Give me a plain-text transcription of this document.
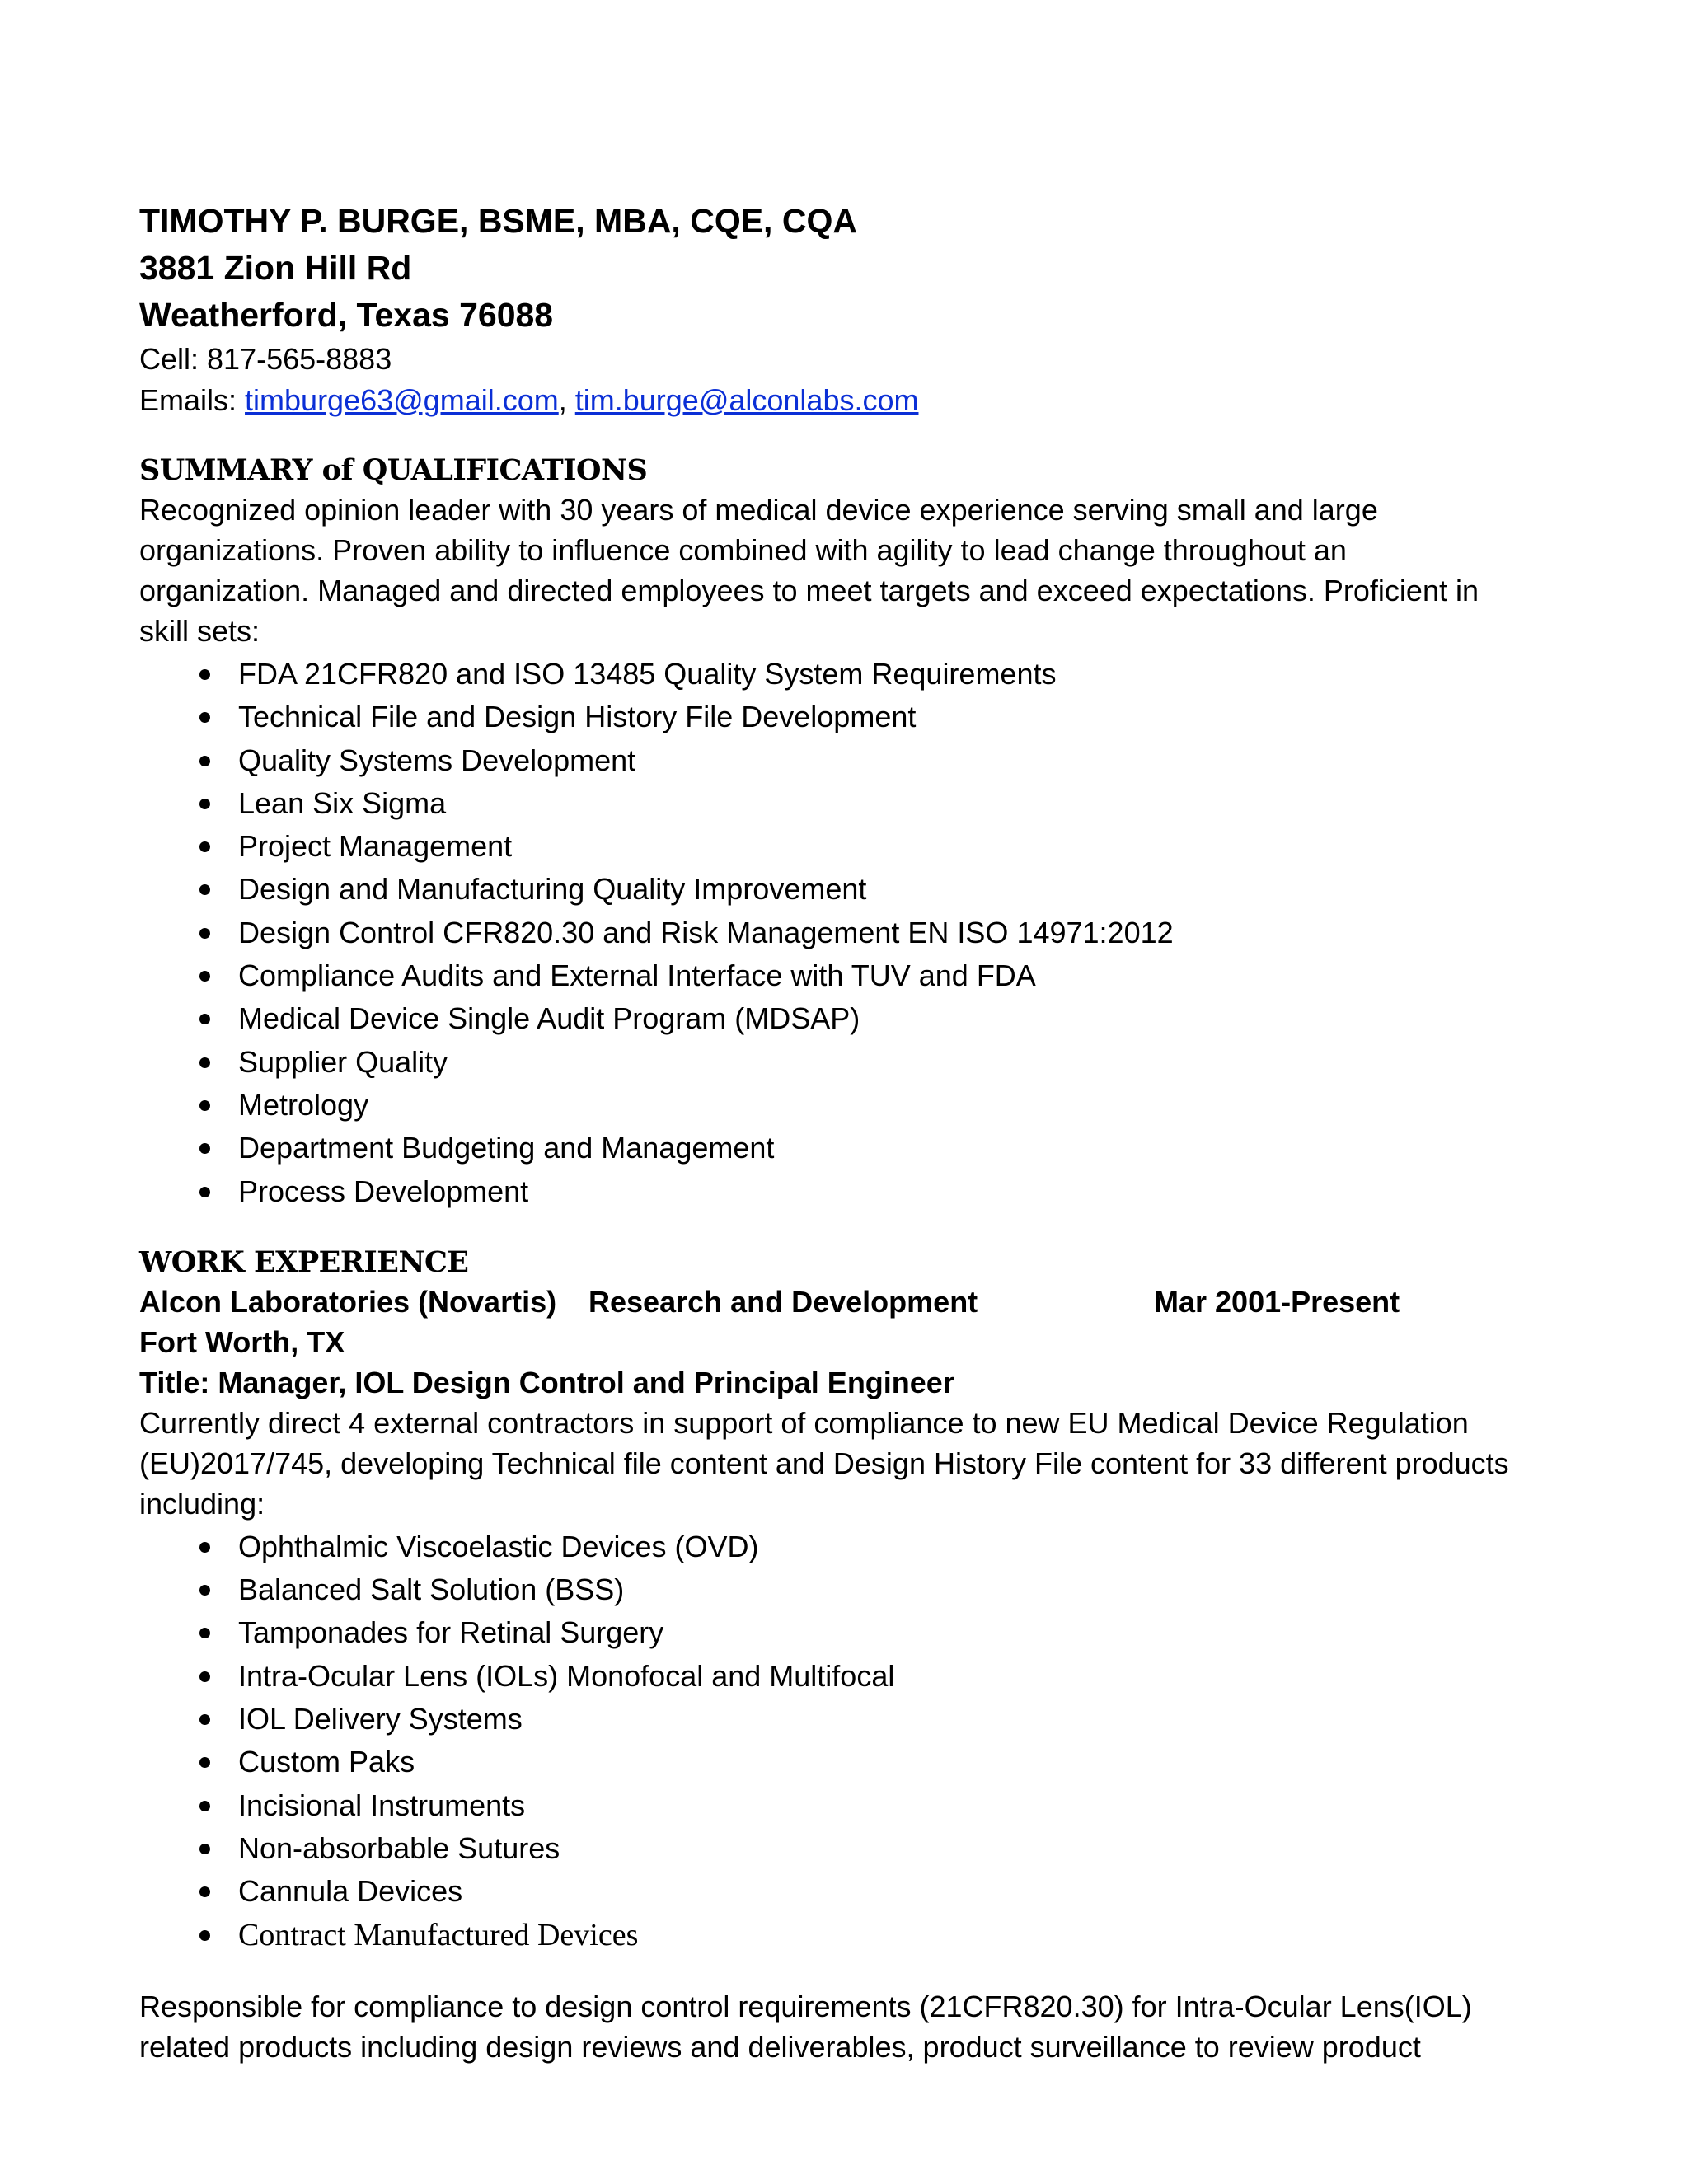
TIMOTHY P. BURGE, BSME, MBA, CQE, CQA
3881 Zion Hill Rd
Weatherford, Texas 76088
Cell: 817-565-8883
Emails: timburge63@gmail.com, tim.burge@alconlabs.com
SUMMARY of QUALIFICATIONS

Recognized opinion leader with 30 years of medical device experience serving small and large organizations. Proven ability to influence combined with agility to lead change throughout an organization. Managed and directed employees to meet targets and exceed expectations. Proficient in skill sets:

FDA 21CFR820 and ISO 13485 Quality System Requirements
Technical File and Design History File Development
Quality Systems Development
Lean Six Sigma
Project Management
Design and Manufacturing Quality Improvement
Design Control CFR820.30 and Risk Management EN ISO 14971:2012
Compliance Audits and External Interface with TUV and FDA
Medical Device Single Audit Program (MDSAP)
Supplier Quality
Metrology
Department Budgeting and Management
Process Development
WORK EXPERIENCE
Alcon Laboratories (Novartis) Fort Worth, TX
Research and Development	Mar 2001-Present
Title: Manager, IOL Design Control and Principal Engineer

Currently direct 4 external contractors in support of compliance to new EU Medical Device Regulation (EU)2017/745, developing Technical file content and Design History File content for 33 different products including:

Ophthalmic Viscoelastic Devices (OVD)
Balanced Salt Solution (BSS)
Tamponades for Retinal Surgery
Intra-Ocular Lens (IOLs) Monofocal and Multifocal
IOL Delivery Systems
Custom Paks
Incisional Instruments
Non-absorbable Sutures
Cannula Devices
Contract Manufactured Devices

Responsible for compliance to design control requirements (21CFR820.30) for Intra-Ocular Lens(IOL) related products including design reviews and deliverables, product surveillance to review product
